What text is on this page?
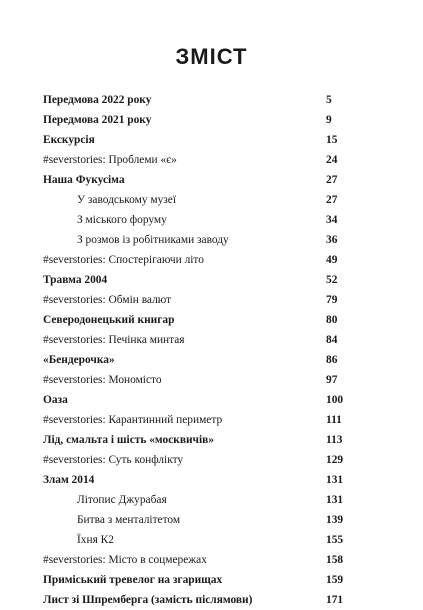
ЗМІСТ
Передмова 2022 року	5
Передмова 2021 року	9
Екскурсія	15
#severstories: Проблеми «є»	24
Наша Фукусіма	27
У заводському музеї	27
З міського форуму	34
З розмов із робітниками заводу	36
#severstories: Спостерігаючи літо	49
Травма 2004	52
#severstories: Обмін валют	79
Северодонецький книгар	80
#severstories: Печінка минтая	84
«Бендерочка»	86
#severstories: Мономісто	97
Оаза	100
#severstories: Карантинний периметр	111
Лід, смальта і шість «москвичів»	113
#severstories: Суть конфлікту	129
Злам 2014	131
Літопис Джурабая	131
Битва з менталітетом	139
Їхня К2	155
#severstories: Місто в соцмережах	158
Приміський тревелог на згарищах	159
Лист зі Шпремберга (замість післямови)	171
